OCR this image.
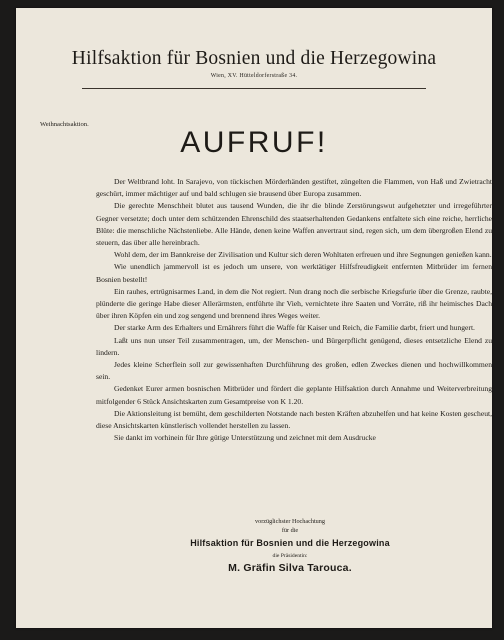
Hilfsaktion für Bosnien und die Herzegowina
Wien, XV. Hütteldorferstraße 34.
Weihnachtsaktion.
AUFRUF!

Der Weltbrand loht. In Sarajevo, von tückischen Mörderhänden gestiftet, züngelten die Flammen, von Haß und Zwietracht geschürt, immer mächtiger auf und bald schlugen sie brausend über Europa zusammen.

Die gerechte Menschheit blutet aus tausend Wunden, die ihr die blinde Zerstörungswut aufgehetzter und irregeführter Gegner versetzte; doch unter dem schützenden Ehrenschild des staatserhaltenden Gedankens entfaltete sich eine reiche, herrliche Blüte: die menschliche Nächstenliebe. Alle Hände, denen keine Waffen anvertraut sind, regen sich, um dem übergroßen Elend zu steuern, das über alle hereinbrach.

Wohl dem, der im Bannkreise der Zivilisation und Kultur sich deren Wohltaten erfreuen und ihre Segnungen genießen kann.

Wie unendlich jammervoll ist es jedoch um unsere, von werktätiger Hilfsfreudigkeit entfernten Mitbrüder im fernen Bosnien bestellt!

Ein rauhes, ertrügnisarmes Land, in dem die Not regiert. Nun drang noch die serbische Kriegsfurie über die Grenze, raubte, plünderte die geringe Habe dieser Allerärmsten, entführte ihr Vieh, vernichtete ihre Saaten und Vorräte, riß ihr heimisches Dach über ihren Köpfen ein und zog sengend und brennend ihres Weges weiter.

Der starke Arm des Erhalters und Ernährers führt die Waffe für Kaiser und Reich, die Familie darbt, friert und hungert.

Laßt uns nun unser Teil zusammentragen, um, der Menschen- und Bürgerpflicht genügend, dieses entsetzliche Elend zu lindern.

Jedes kleine Scherflein soll zur gewissenhaften Durchführung des großen, edlen Zweckes dienen und hochwillkommen sein.

Gedenket Eurer armen bosnischen Mitbrüder und fördert die geplante Hilfsaktion durch Annahme und Weiterverbreitung mitfolgender 6 Stück Ansichtskarten zum Gesamtpreise von K 1.20.

Die Aktionsleitung ist bemüht, dem geschilderten Notstande nach besten Kräften abzuhelfen und hat keine Kosten gescheut, diese Ansichtskarten künstlerisch vollendet herstellen zu lassen.

Sie dankt im vorhinein für Ihre gütige Unterstützung und zeichnet mit dem Ausdrucke

vorzüglichster Hochachtung
für die
Hilfsaktion für Bosnien und die Herzegowina
die Präsidentin:
M. Gräfin Silva Tarouca.
